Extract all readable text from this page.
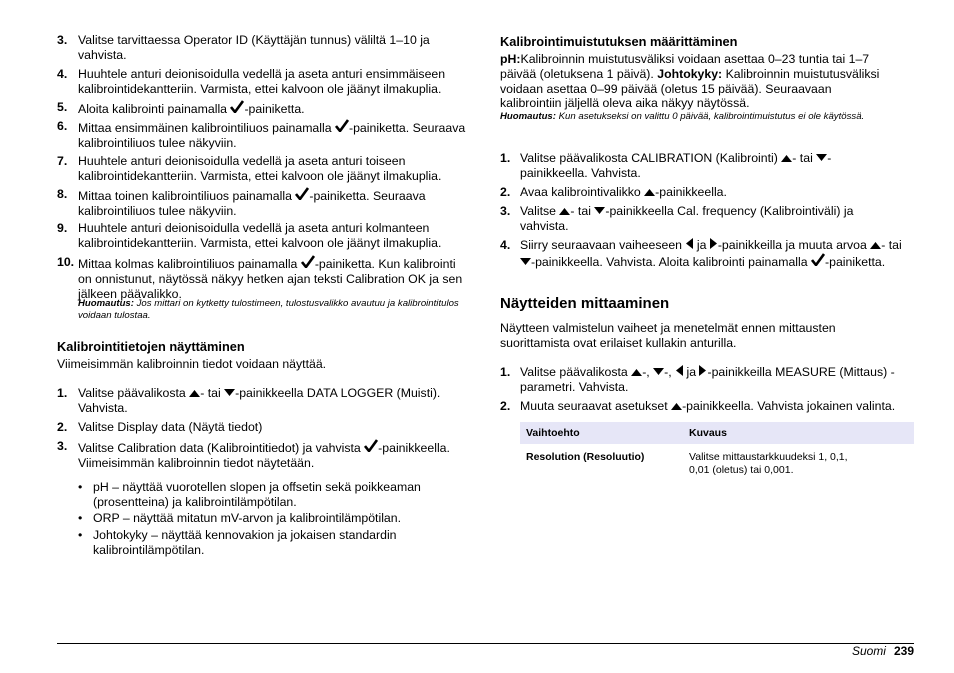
3. Valitse tarvittaessa Operator ID (Käyttäjän tunnus) väliltä 1–10 ja vahvista.
4. Huuhtele anturi deionisoidulla vedellä ja aseta anturi ensimmäiseen kalibrointidekantteriin. Varmista, ettei kalvoon ole jäänyt ilmakuplia.
5. Aloita kalibrointi painamalla
-painiketta.
6. Mittaa ensimmäinen kalibrointiliuos painamalla
-painiketta. Seuraava kalibrointiliuos tulee näkyviin.
7. Huuhtele anturi deionisoidulla vedellä ja aseta anturi toiseen kalibrointidekantteriin. Varmista, ettei kalvoon ole jäänyt ilmakuplia.
8. Mittaa toinen kalibrointiliuos painamalla
-painiketta. Seuraava kalibrointiliuos tulee näkyviin.
9. Huuhtele anturi deionisoidulla vedellä ja aseta anturi kolmanteen kalibrointidekantteriin. Varmista, ettei kalvoon ole jäänyt ilmakuplia.
10. Mittaa kolmas kalibrointiliuos painamalla
-painiketta. Kun kalibrointi on onnistunut, näytössä näkyy hetken ajan teksti Calibration OK ja sen jälkeen päävalikko.
Huomautus: Jos mittari on kytketty tulostimeen, tulostusvalikko avautuu ja kalibrointitulos voidaan tulostaa.
Kalibrointitietojen näyttäminen
Viimeisimmän kalibroinnin tiedot voidaan näyttää.
1. Valitse päävalikosta
- tai
-painikkeella DATA LOGGER (Muisti). Vahvista.
2. Valitse Display data (Näytä tiedot)
3. Valitse Calibration data (Kalibrointitiedot) ja vahvista
-painikkeella. Viimeisimmän kalibroinnin tiedot näytetään.
• pH – näyttää vuorotellen slopen ja offsetin sekä poikkeaman (prosentteina) ja kalibrointilämpötilan.
• ORP – näyttää mitatun mV-arvon ja kalibrointilämpötilan.
• Johtokyky – näyttää kennovakion ja jokaisen standardin kalibrointilämpötilan.
Kalibrointimuistutuksen määrittäminen
pH:Kalibroinnin muistutusväliksi voidaan asettaa 0–23 tuntia tai 1–7 päivää (oletuksena 1 päivä). Johtokyky: Kalibroinnin muistutusväliksi voidaan asettaa 0–99 päivää (oletus 15 päivää). Seuraavaan kalibrointiin jäljellä oleva aika näkyy näytössä.
Huomautus: Kun asetukseksi on valittu 0 päivää, kalibrointimuistutus ei ole käytössä.
1. Valitse päävalikosta CALIBRATION (Kalibrointi)
- tai
-painikkeella. Vahvista.
2. Avaa kalibrointivalikko
-painikkeella.
3. Valitse
- tai
-painikkeella Cal. frequency (Kalibrointiväli) ja vahvista.
4. Siirry seuraavaan vaiheeseen
ja
-painikkeilla ja muuta arvoa
- tai
-painikkeella. Vahvista. Aloita kalibrointi painamalla
-painiketta.
Näytteiden mittaaminen
Näytteen valmistelun vaiheet ja menetelmät ennen mittausten suorittamista ovat erilaiset kullakin anturilla.
1. Valitse päävalikosta
-,
-,
ja
-painikkeilla MEASURE (Mittaus) -parametri. Vahvista.
2. Muuta seuraavat asetukset
-painikkeella. Vahvista jokainen valinta.
Vaihtoehto	Kuvaus
Resolution (Resoluutio)	Valitse mittaustarkkuudeksi 1, 0,1, 0,01 (oletus) tai 0,001.
Suomi 239
